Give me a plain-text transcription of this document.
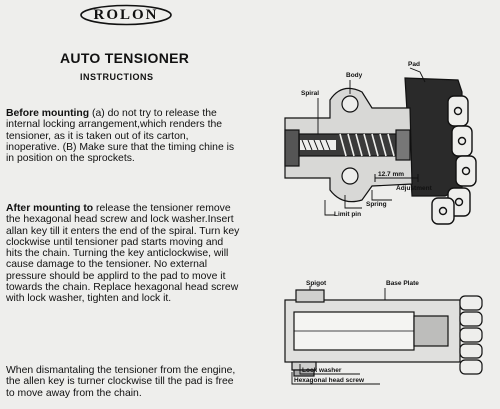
ROLON
AUTO TENSIONER
INSTRUCTIONS
Before mounting (a) do not try to release the internal locking arrangement,which renders the tensioner, as it is taken out of its carton, inoperative. (B) Make sure that the timing chine is in position on the sprockets.
After mounting to release the tensioner remove the hexagonal head screw and lock washer.Insert allan key till it enters the end of the spiral. Turn key clockwise until tensioner pad starts moving and hits the chain. Turning the key anticlockwise, will cause damage to the tensioner. No external pressure should be applird to the pad to move it towards the chain. Replace hexagonal head screw with lock washer, tighten and lock it.
When dismantaling the tensioner from the engine, the allen key is turner clockwise till the pad is free to move away from the chain.
Body
Pad
Spiral
12.7 mm
Adjustment
Spring
Limit pin
Spigot	Base Plate
Lock washer
Hexagonal head screw
